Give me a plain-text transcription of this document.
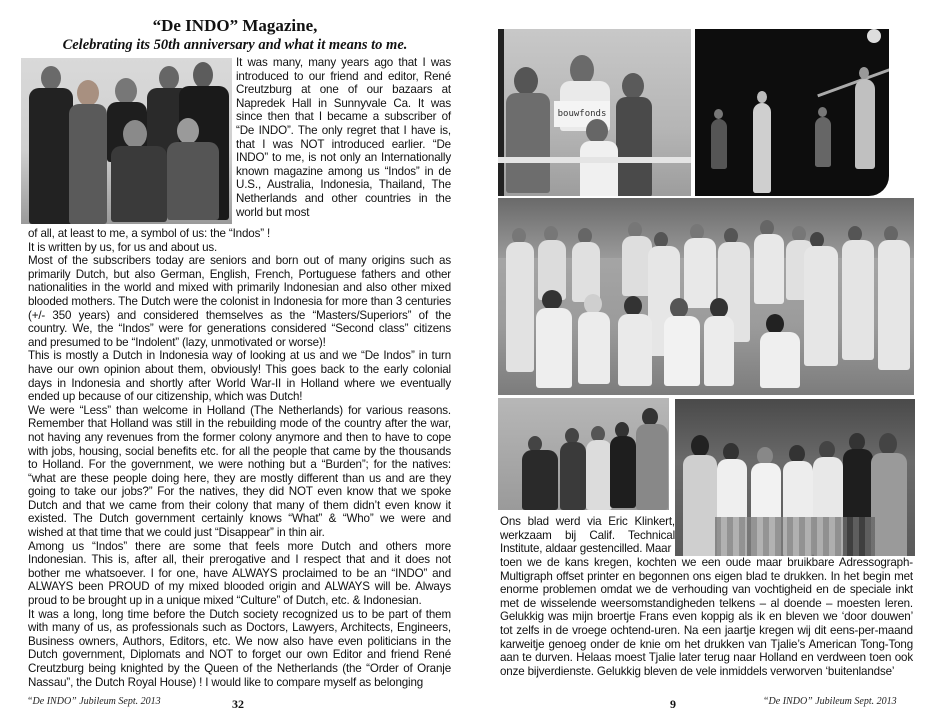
“De INDO” Magazine,
Celebrating its 50th anniversary and what it means to me.

It was many, many years ago that I was introduced to our friend and editor, René Creutzburg at one of our bazaars at Napredek Hall in Sunnyvale Ca. It was since then that I became a subscriber of “De INDO”. The only regret that I have is, that I was NOT introduced earlier. “De INDO” to me, is not only an Internationally known magazine among us “Indos” in de U.S., Australia, Indonesia, Thailand, The Netherlands and other countries in the world but most

of all, at least to me, a symbol of us: the “Indos” !

It is written by us, for us and about us.

Most of the subscribers today are seniors and born out of many origins such as primarily Dutch, but also German, English, French, Portuguese fathers and other nationalities in the world and mixed with primarily Indonesian and also other mixed blooded mothers. The Dutch were the colonist in Indonesia for more than 3 centuries (+/- 350 years) and considered themselves as the “Masters/Superiors” of the country. We, the “Indos” were for generations considered “Second class” citizens and presumed to be “Indolent” (lazy, unmotivated or worse)!

This is mostly a Dutch in Indonesia way of looking at us and we “De Indos” in turn have our own opinion about them, obviously! This goes back to the early colonial days in Indonesia and shortly after World War-II in Holland where we eventually ended up because of our citizenship, which was Dutch!

We were “Less” than welcome in Holland (The Netherlands) for various reasons. Remember that Holland was still in the rebuilding mode of the country after the war, not having any revenues from the former colony anymore and then to have to cope with jobs, housing, social benefits etc. for all the people that came by the thousands to Holland. For the government, we were nothing but a “Burden”; for the natives: “what are these people doing here, they are mostly different than us and are they going to take our jobs?” For the natives, they did NOT even know that we spoke Dutch and that we came from their colony that many of them didn’t even know it existed. The Dutch government certainly knows “What” & “Who” we were and wished at that time that we could just “Disappear” in thin air.

Among us “Indos” there are some that feels more Dutch and others more Indonesian. This is, after all, their prerogative and I respect that and it does not bother me whatsoever. I for one, have ALWAYS proclaimed to be an “INDO” and ALWAYS been PROUD of my mixed blooded origin and ALWAYS will be. Always proud to be brought up in a unique mixed “Culture” of Dutch, etc. & Indonesian.

It was a long, long time before the Dutch society recognized us to be part of them with many of us, as professionals such as Doctors, Lawyers, Architects, Engineers, Business owners, Authors, Editors, etc. We now also have even politicians in the Dutch government, Diplomats and NOT to forget our own Editor and friend René Creutzburg being knighted by the Queen of the Netherlands (the “Order of Oranje Nassau”, the Dutch Royal House) ! I would like to compare myself as belonging

“De INDO” Jubileum Sept. 2013	32
bouwfonds

Ons blad werd via Eric Klinkert, werkzaam bij Calif. Technical Institute, aldaar gestencilled. Maar

toen we de kans kregen, kochten we een oude maar bruikbare Adressograph-Multigraph offset printer en begonnen ons eigen blad te drukken. In het begin met enorme problemen omdat we de verhouding van vochtigheid en de speciale inkt met de wisselende weersomstandigheden telkens – al doende – moesten leren. Gelukkig was mijn broertje Frans even koppig als ik en bleven we ‘door douwen’ tot zelfs in de vroege ochtend-uren. Na een jaartje kregen wij dit eens-per-maand karweitje genoeg onder de knie om het drukken van Tjalie’s American Tong-Tong aan te durven. Helaas moest Tjalie later terug naar Holland en verdween toen ook onze bijverdienste. Gelukkig bleven de vele inmiddels verworven ‘buitenlandse’

9	“De INDO” Jubileum Sept. 2013
